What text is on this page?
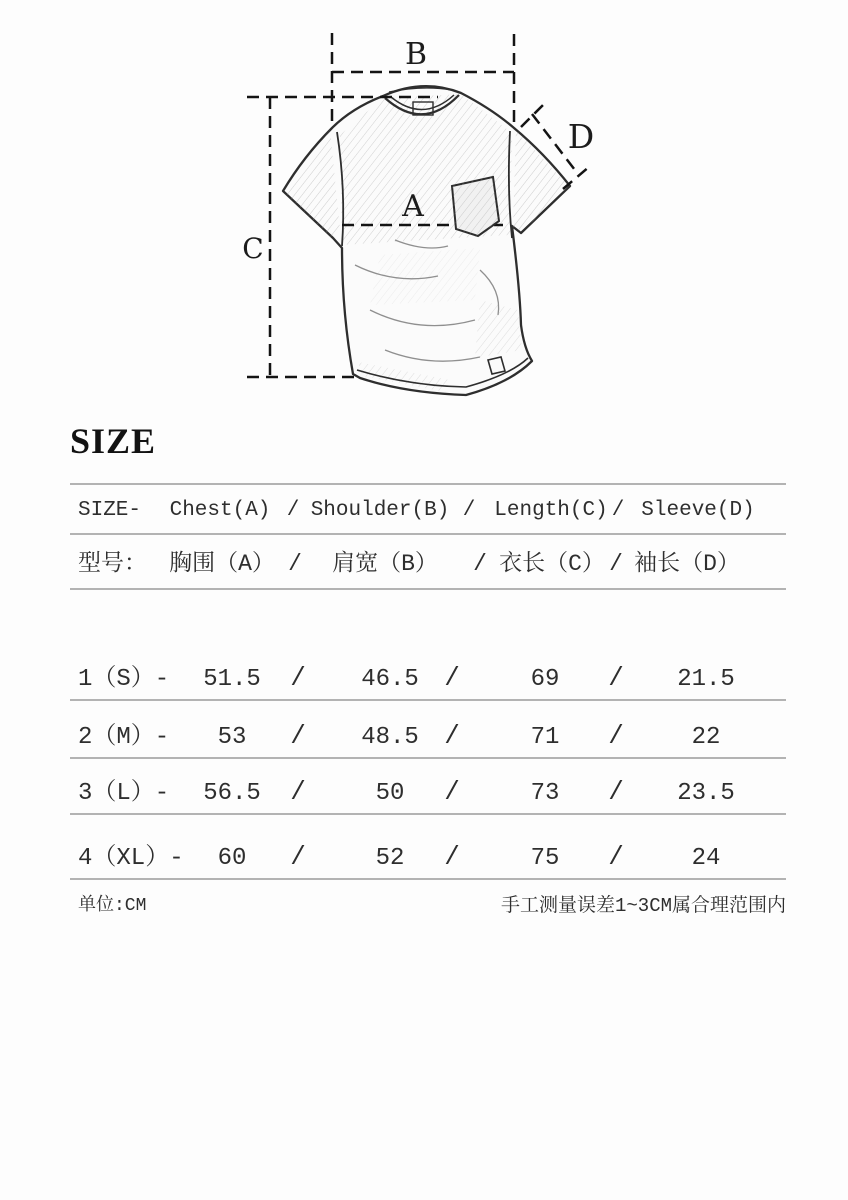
B
A
C
D
SIZE
SIZE- Chest(A) / Shoulder(B) / Length(C) / Sleeve(D)
型号： 胸围（A） / 肩宽（B） / 衣长（C） / 袖长（D）
1（S）- 51.5 / 46.5 /	69 / 21.5
2（M）- 53 / 48.5 /	71 /	22
3（L）- 56.5 /	50 /	73 / 23.5
4（XL）- 60 /	52 /	75 /	24
单位:CM	手工测量误差1~3CM属合理范围内
